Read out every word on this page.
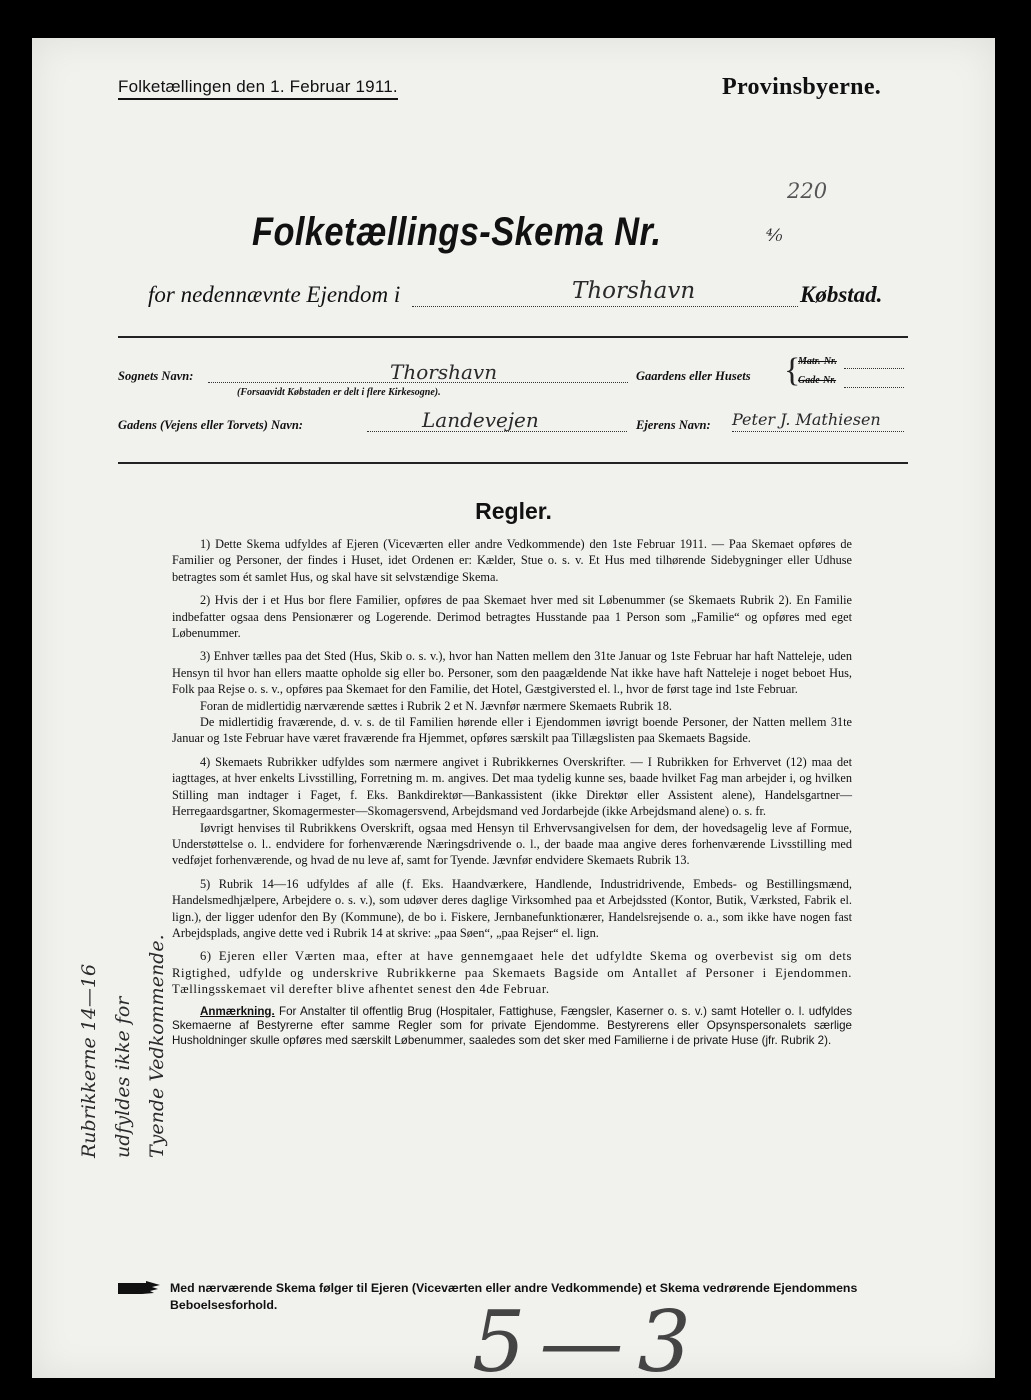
Folketællingen den 1. Februar 1911.	Provinsbyerne.
220
Folketællings-Skema Nr.	⁴⁄₀
for nedennævnte Ejendom i	Thorshavn	Købstad.
Sognets Navn:	Thorshavn
(Forsaavidt Købstaden er delt i flere Kirkesogne).
Gaardens eller Husets {
Matr.-Nr.
Gade-Nr.
Gadens (Vejens eller Torvets) Navn:	Landevejen	Ejerens Navn: Peter J. Mathiesen
Regler.

1) Dette Skema udfyldes af Ejeren (Viceværten eller andre Vedkommende) den 1ste Februar 1911. — Paa Skemaet opføres de Familier og Personer, der findes i Huset, idet Ordenen er: Kælder, Stue o. s. v. Et Hus med tilhørende Sidebygninger eller Udhuse betragtes som ét samlet Hus, og skal have sit selvstændige Skema.

2) Hvis der i et Hus bor flere Familier, opføres de paa Skemaet hver med sit Løbenummer (se Skemaets Rubrik 2). En Familie indbefatter ogsaa dens Pensionærer og Logerende. Derimod betragtes Husstande paa 1 Person som „Familie“ og opføres med eget Løbenummer.

3) Enhver tælles paa det Sted (Hus, Skib o. s. v.), hvor han Natten mellem den 31te Januar og 1ste Februar har haft Natteleje, uden Hensyn til hvor han ellers maatte opholde sig eller bo. Personer, som den paagældende Nat ikke have haft Natteleje i noget beboet Hus, Folk paa Rejse o. s. v., opføres paa Skemaet for den Familie, det Hotel, Gæstgiversted el. l., hvor de først tage ind 1ste Februar.

Foran de midlertidig nærværende sættes i Rubrik 2 et N. Jævnfør nærmere Skemaets Rubrik 18.

De midlertidig fraværende, d. v. s. de til Familien hørende eller i Ejendommen iøvrigt boende Personer, der Natten mellem 31te Januar og 1ste Februar have været fraværende fra Hjemmet, opføres særskilt paa Tillægslisten paa Skemaets Bagside.

4) Skemaets Rubrikker udfyldes som nærmere angivet i Rubrikkernes Overskrifter. — I Rubrikken for Erhvervet (12) maa det iagttages, at hver enkelts Livsstilling, Forretning m. m. angives. Det maa tydelig kunne ses, baade hvilket Fag man arbejder i, og hvilken Stilling man indtager i Faget, f. Eks. Bankdirektør—Bankassistent (ikke Direktør eller Assistent alene), Handelsgartner—Herregaardsgartner, Skomagermester—Skomagersvend, Arbejdsmand ved Jordarbejde (ikke Arbejdsmand alene) o. s. fr.

Iøvrigt henvises til Rubrikkens Overskrift, ogsaa med Hensyn til Erhvervsangivelsen for dem, der hovedsagelig leve af Formue, Understøttelse o. l.. endvidere for forhenværende Næringsdrivende o. l., der baade maa angive deres forhenværende Livsstilling med vedføjet forhenværende, og hvad de nu leve af, samt for Tyende. Jævnfør endvidere Skemaets Rubrik 13.

5) Rubrik 14—16 udfyldes af alle (f. Eks. Haandværkere, Handlende, Industridrivende, Embeds- og Bestillingsmænd, Handelsmedhjælpere, Arbejdere o. s. v.), som udøver deres daglige Virksomhed paa et Arbejdssted (Kontor, Butik, Værksted, Fabrik el. lign.), der ligger udenfor den By (Kommune), de bo i. Fiskere, Jernbanefunktionærer, Handelsrejsende o. a., som ikke have nogen fast Arbejdsplads, angive dette ved i Rubrik 14 at skrive: „paa Søen“, „paa Rejser“ el. lign.

6) Ejeren eller Værten maa, efter at have gennemgaaet hele det udfyldte Skema og overbevist sig om dets Rigtighed, udfylde og underskrive Rubrikkerne paa Skemaets Bagside om Antallet af Personer i Ejendommen. Tællingsskemaet vil derefter blive afhentet senest den 4de Februar.

Anmærkning. For Anstalter til offentlig Brug (Hospitaler, Fattighuse, Fængsler, Kaserner o. s. v.) samt Hoteller o. l. udfyldes Skemaerne af Bestyrerne efter samme Regler som for private Ejendomme. Bestyrerens eller Opsynspersonalets særlige Husholdninger skulle opføres med særskilt Løbenummer, saaledes som det sker med Familierne i de private Huse (jfr. Rubrik 2).

Rubrikkerne 14—16 udfyldes ikke for Tyende Vedkommende.
Med nærværende Skema følger til Ejeren (Viceværten eller andre Vedkommende) et Skema vedrørende Ejendommens Beboelsesforhold.	5—3
